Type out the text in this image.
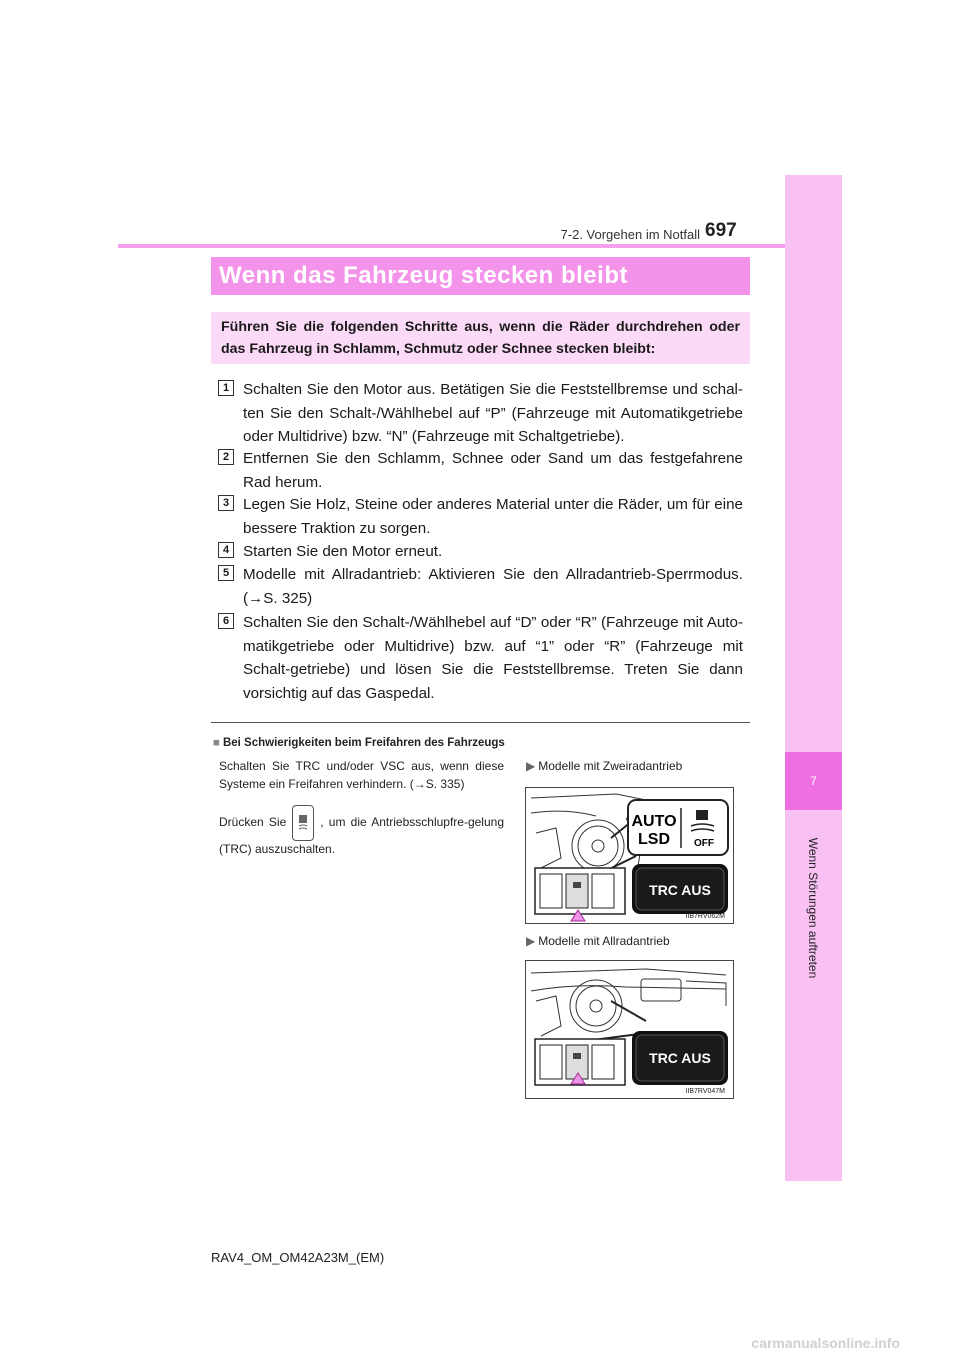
7
Wenn Störungen auftreten
7-2. Vorgehen im Notfall 697
Wenn das Fahrzeug stecken bleibt
Führen Sie die folgenden Schritte aus, wenn die Räder durchdrehen oder das Fahrzeug in Schlamm, Schmutz oder Schnee stecken bleibt:
1 Schalten Sie den Motor aus. Betätigen Sie die Feststellbremse und schal-ten Sie den Schalt-/Wählhebel auf “P” (Fahrzeuge mit Automatikgetriebe oder Multidrive) bzw. “N” (Fahrzeuge mit Schaltgetriebe).
2 Entfernen Sie den Schlamm, Schnee oder Sand um das festgefahrene Rad herum.
3 Legen Sie Holz, Steine oder anderes Material unter die Räder, um für eine bessere Traktion zu sorgen.
4 Starten Sie den Motor erneut.
5 Modelle mit Allradantrieb: Aktivieren Sie den Allradantrieb-Sperrmodus. (→S. 325)
6 Schalten Sie den Schalt-/Wählhebel auf “D” oder “R” (Fahrzeuge mit Auto-matikgetriebe oder Multidrive) bzw. auf “1” oder “R” (Fahrzeuge mit Schalt-getriebe) und lösen Sie die Feststellbremse. Treten Sie dann vorsichtig auf das Gaspedal.
■ Bei Schwierigkeiten beim Freifahren des Fahrzeugs

Schalten Sie TRC und/oder VSC aus, wenn diese Systeme ein Freifahren verhindern. (→S. 335)

Drücken Sie	, um die Antriebsschlupfre-gelung (TRC) auszuschalten.

▶ Modelle mit Zweiradantrieb
AUTO
LSD OFF
TRC AUS
IIB7RV062M
▶ Modelle mit Allradantrieb
TRC AUS
IIB7RV047M
RAV4_OM_OM42A23M_(EM)
carmanualsonline.info
